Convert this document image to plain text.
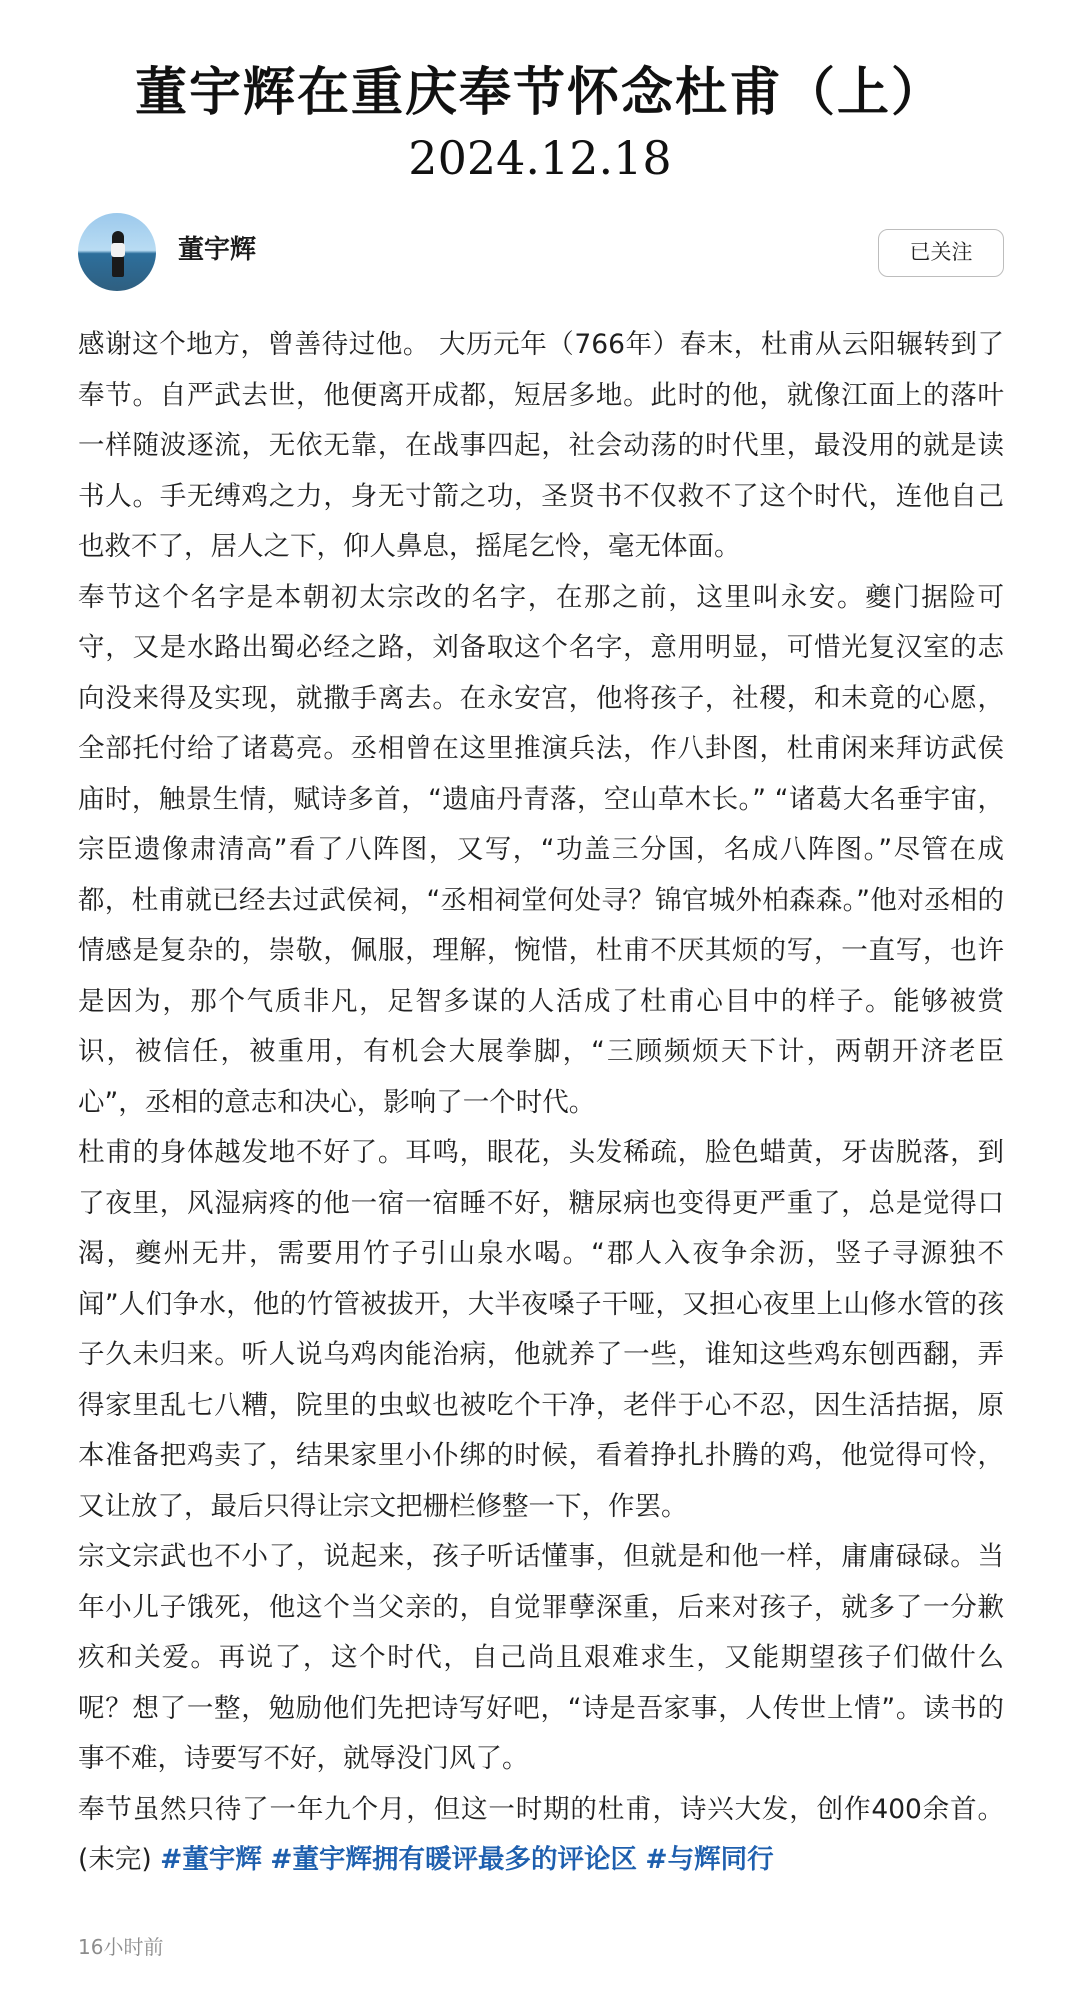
董宇辉在重庆奉节怀念杜甫（上）
2024.12.18
董宇辉	已关注

感谢这个地方，曾善待过他。 大历元年（766年）春末，杜甫从云阳辗转到了奉节。自严武去世，他便离开成都，短居多地。此时的他，就像江面上的落叶一样随波逐流，无依无靠，在战事四起，社会动荡的时代里，最没用的就是读书人。手无缚鸡之力，身无寸箭之功，圣贤书不仅救不了这个时代，连他自己也救不了，居人之下，仰人鼻息，摇尾乞怜，毫无体面。

奉节这个名字是本朝初太宗改的名字，在那之前，这里叫永安。夔门据险可守，又是水路出蜀必经之路，刘备取这个名字，意用明显，可惜光复汉室的志向没来得及实现，就撒手离去。在永安宫，他将孩子，社稷，和未竟的心愿，全部托付给了诸葛亮。丞相曾在这里推演兵法，作八卦图，杜甫闲来拜访武侯庙时，触景生情，赋诗多首，“遗庙丹青落，空山草木长。” “诸葛大名垂宇宙，宗臣遗像肃清高”看了八阵图，又写，“功盖三分国，名成八阵图。”尽管在成都，杜甫就已经去过武侯祠，“丞相祠堂何处寻？锦官城外柏森森。”他对丞相的情感是复杂的，崇敬，佩服，理解，惋惜，杜甫不厌其烦的写，一直写，也许是因为，那个气质非凡，足智多谋的人活成了杜甫心目中的样子。能够被赏识，被信任，被重用，有机会大展拳脚，“三顾频烦天下计，两朝开济老臣心”，丞相的意志和决心，影响了一个时代。

杜甫的身体越发地不好了。耳鸣，眼花，头发稀疏，脸色蜡黄，牙齿脱落，到了夜里，风湿病疼的他一宿一宿睡不好，糖尿病也变得更严重了，总是觉得口渴，夔州无井，需要用竹子引山泉水喝。“郡人入夜争余沥，竖子寻源独不闻”人们争水，他的竹管被拔开，大半夜嗓子干哑，又担心夜里上山修水管的孩子久未归来。听人说乌鸡肉能治病，他就养了一些，谁知这些鸡东刨西翻，弄得家里乱七八糟，院里的虫蚁也被吃个干净，老伴于心不忍，因生活拮据，原本准备把鸡卖了，结果家里小仆绑的时候，看着挣扎扑腾的鸡，他觉得可怜，又让放了，最后只得让宗文把栅栏修整一下，作罢。

宗文宗武也不小了，说起来，孩子听话懂事，但就是和他一样，庸庸碌碌。当年小儿子饿死，他这个当父亲的，自觉罪孽深重，后来对孩子，就多了一分歉疚和关爱。再说了，这个时代，自己尚且艰难求生，又能期望孩子们做什么呢？想了一整，勉励他们先把诗写好吧，“诗是吾家事，人传世上情”。读书的事不难，诗要写不好，就辱没门风了。

奉节虽然只待了一年九个月，但这一时期的杜甫，诗兴大发，创作400余首。(未完) #董宇辉 #董宇辉拥有暖评最多的评论区 #与辉同行

16小时前
